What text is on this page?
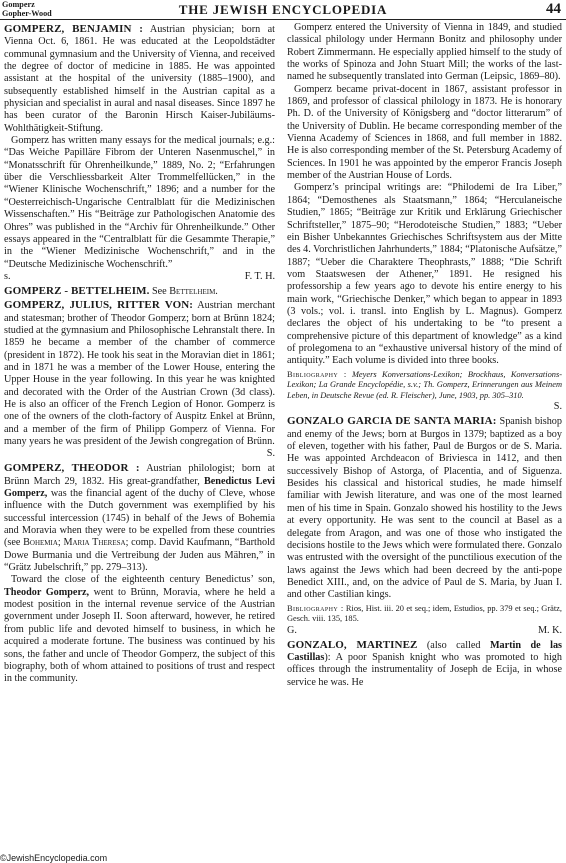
Gomperz
Gopher-Wood	THE JEWISH ENCYCLOPEDIA	44

GOMPERZ, BENJAMIN : Austrian physician; born at Vienna Oct. 6, 1861. He was educated at the Leopoldstädter communal gymnasium and the University of Vienna, and received the degree of doctor of medicine in 1885. He was appointed assistant at the hospital of the university (1885–1900), and subsequently established himself in the Austrian capital as a physician and specialist in aural and nasal diseases. Since 1897 he has been curator of the Baronin Hirsch Kaiser-Jubiläums-Wohlthätigkeit-Stiftung.

Gomperz has written many essays for the medical journals; e.g.: “Das Weiche Papilläre Fibrom der Unteren Nasenmuschel,” in “Monatsschrift für Ohrenheilkunde,” 1889, No. 2; “Erfahrungen über die Verschliessbarkeit Alter Trommelfellücken,” in the “Wiener Klinische Wochenschrift,” 1896; and a number for the “Oesterreichisch-Ungarische Centralblatt für die Medizinischen Wissenschaften.” His “Beiträge zur Pathologischen Anatomie des Ohres” was published in the “Archiv für Ohrenheilkunde.” Other essays appeared in the “Centralblatt für die Gesammte Therapie,” in the “Wiener Medizinische Wochenschrift,” and in the “Deutsche Medizinische Wochenschrift.”

s.	F. T. H.

GOMPERZ - BETTELHEIM. See Bettelheim.

GOMPERZ, JULIUS, RITTER VON: Austrian merchant and statesman; brother of Theodor Gomperz; born at Brünn 1824; studied at the gymnasium and Philosophische Lehranstalt there. In 1859 he became a member of the chamber of commerce (president in 1872). He took his seat in the Moravian diet in 1861; and in 1871 he was a member of the Lower House, entering the Upper House in the year following. In this year he was knighted and decorated with the Order of the Austrian Crown (3d class). He is also an officer of the French Legion of Honor. Gomperz is one of the owners of the cloth-factory of Auspitz Enkel at Brünn, and a member of the firm of Philipp Gomperz of Vienna. For many years he was president of the Jewish congregation of Brünn.

S.

GOMPERZ, THEODOR : Austrian philologist; born at Brünn March 29, 1832. His great-grandfather, Benedictus Levi Gomperz, was the financial agent of the duchy of Cleve, whose influence with the Dutch government was exemplified by his successful intercession (1745) in behalf of the Jews of Bohemia and Moravia when they were to be expelled from these countries (see Bohemia; Maria Theresa; comp. David Kaufmann, “Barthold Dowe Burmania und die Vertreibung der Juden aus Mähren,” in “Grätz Jubelschrift,” pp. 279–313).

Toward the close of the eighteenth century Benedictus’ son, Theodor Gomperz, went to Brünn, Moravia, where he held a modest position in the internal revenue service of the Austrian government under Joseph II. Soon afterward, however, he retired from public life and devoted himself to business, in which he acquired a moderate fortune. The business was continued by his sons, the father and uncle of Theodor Gomperz, the subject of this biography, both of whom attained to positions of trust and respect in the community.

Gomperz entered the University of Vienna in 1849, and studied classical philology under Hermann Bonitz and philosophy under Robert Zimmermann. He especially applied himself to the study of the works of Spinoza and John Stuart Mill; the works of the last-named he subsequently translated into German (Leipsic, 1869–80).

Gomperz became privat-docent in 1867, assistant professor in 1869, and professor of classical philology in 1873. He is honorary Ph. D. of the University of Königsberg and “doctor litterarum” of the University of Dublin. He became corresponding member of the Vienna Academy of Sciences in 1868, and full member in 1882. He is also corresponding member of the St. Petersburg Academy of Sciences. In 1901 he was appointed by the emperor Francis Joseph member of the Austrian House of Lords.

Gomperz’s principal writings are: “Philodemi de Ira Liber,” 1864; “Demosthenes als Staatsmann,” 1864; “Herculaneische Studien,” 1865; “Beiträge zur Kritik und Erklärung Griechischer Schriftsteller,” 1875–90; “Herodoteische Studien,” 1883; “Ueber ein Bisher Unbekanntes Griechisches Schriftsystem aus der Mitte des 4. Vorchristlichen Jahrhunderts,” 1884; “Platonische Aufsätze,” 1887; “Ueber die Charaktere Theophrasts,” 1888; “Die Schrift vom Staatswesen der Athener,” 1891. He resigned his professorship a few years ago to devote his entire energy to his main work, “Griechische Denker,” which began to appear in 1893 (3 vols.; vol. i. transl. into English by L. Magnus). Gomperz declares the object of his undertaking to be “to present a comprehensive picture of this department of knowledge” as a kind of prolegomena to an “exhaustive universal history of the mind of antiquity.” Each volume is divided into three books.

Bibliography : Meyers Konversations-Lexikon; Brockhaus, Konversations-Lexikon; La Grande Encyclopédie, s.v.; Th. Gomperz, Erinnerungen aus Meinem Leben, in Deutsche Revue (ed. R. Fleischer), June, 1903, pp. 305–310.

S.

GONZALO GARCIA DE SANTA MARIA: Spanish bishop and enemy of the Jews; born at Burgos in 1379; baptized as a boy of eleven, together with his father, Paul de Burgos or de S. Maria. He was appointed Archdeacon of Briviesca in 1412, and then successively Bishop of Astorga, of Placentia, and of Siguenza. Besides his classical and historical studies, he made himself familiar with Jewish literature, and was one of the most learned men of his time in Spain. Gonzalo showed his hostility to the Jews at every opportunity. He was sent to the council at Basel as a delegate from Aragon, and was one of those who instigated the decisions hostile to the Jews which were formulated there. Gonzalo was entrusted with the oversight of the punctilious execution of the laws against the Jews which had been decreed by the anti-pope Benedict XIII., and, on the advice of Paul de S. Maria, by Juan I. and other Castilian kings.

Bibliography : Rios, Hist. iii. 20 et seq.; idem, Estudios, pp. 379 et seq.; Grätz, Gesch. viii. 135, 185.

G.	M. K.

GONZALO, MARTINEZ (also called Martin de las Castillas): A poor Spanish knight who was promoted to high offices through the instrumentality of Joseph de Ecija, in whose service he was. He

©JewishEncyclopedia.com
